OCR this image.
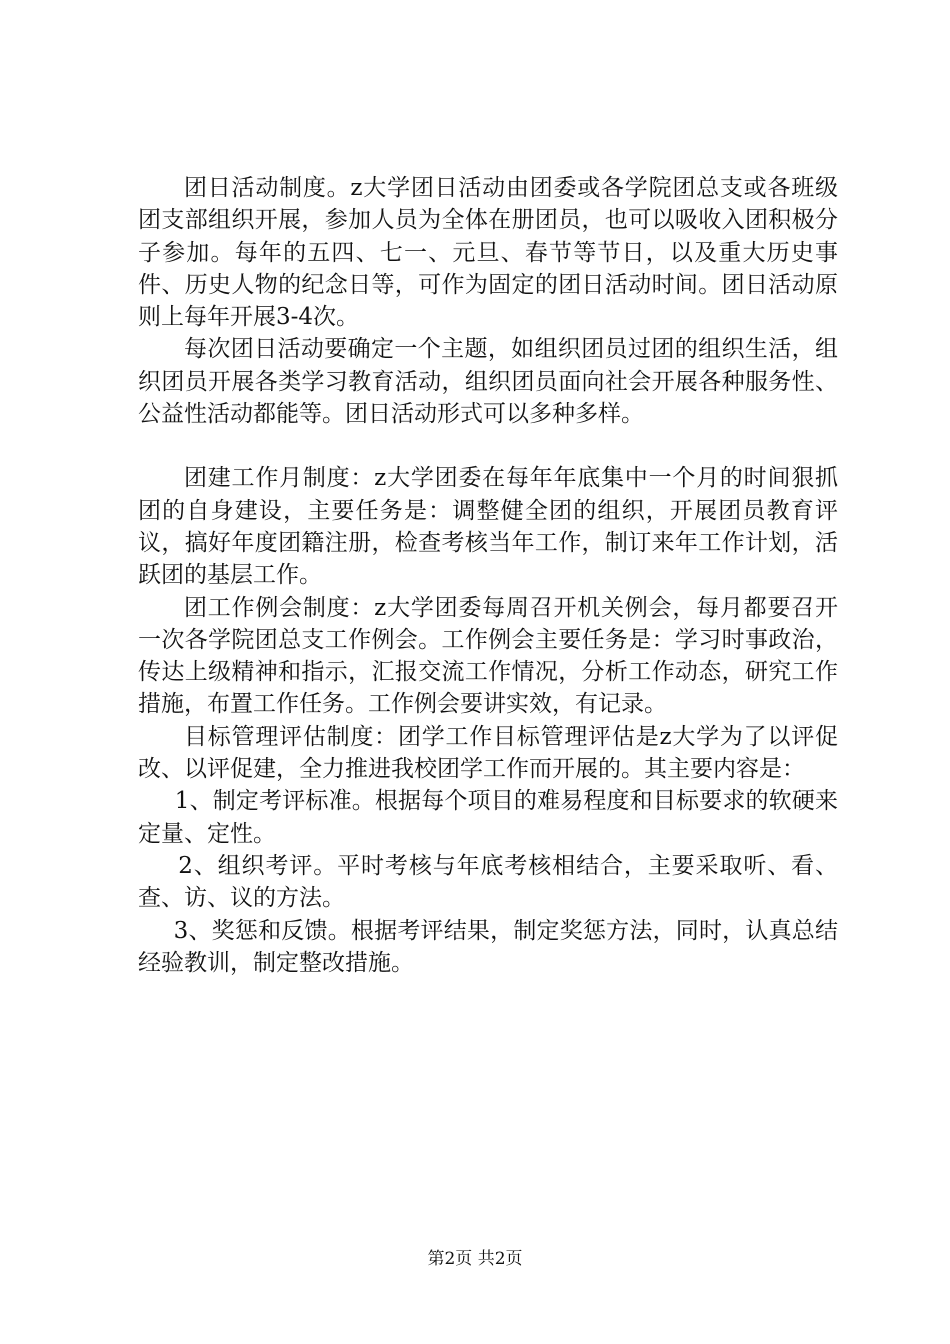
团日活动制度。z大学团日活动由团委或各学院团总支或各班级团支部组织开展，参加人员为全体在册团员，也可以吸收入团积极分子参加。每年的五四、七一、元旦、春节等节日，以及重大历史事件、历史人物的纪念日等，可作为固定的团日活动时间。团日活动原则上每年开展3-4次。

每次团日活动要确定一个主题，如组织团员过团的组织生活，组织团员开展各类学习教育活动，组织团员面向社会开展各种服务性、公益性活动都能等。团日活动形式可以多种多样。

团建工作月制度：z大学团委在每年年底集中一个月的时间狠抓团的自身建设，主要任务是：调整健全团的组织，开展团员教育评议，搞好年度团籍注册，检查考核当年工作，制订来年工作计划，活跃团的基层工作。

团工作例会制度：z大学团委每周召开机关例会，每月都要召开一次各学院团总支工作例会。工作例会主要任务是：学习时事政治，传达上级精神和指示，汇报交流工作情况，分析工作动态，研究工作措施，布置工作任务。工作例会要讲实效，有记录。

目标管理评估制度：团学工作目标管理评估是z大学为了以评促改、以评促建，全力推进我校团学工作而开展的。其主要内容是：

1、制定考评标准。根据每个项目的难易程度和目标要求的软硬来定量、定性。

2、组织考评。平时考核与年底考核相结合，主要采取听、看、查、访、议的方法。

3、奖惩和反馈。根据考评结果，制定奖惩方法，同时，认真总结经验教训，制定整改措施。

第2页 共2页
